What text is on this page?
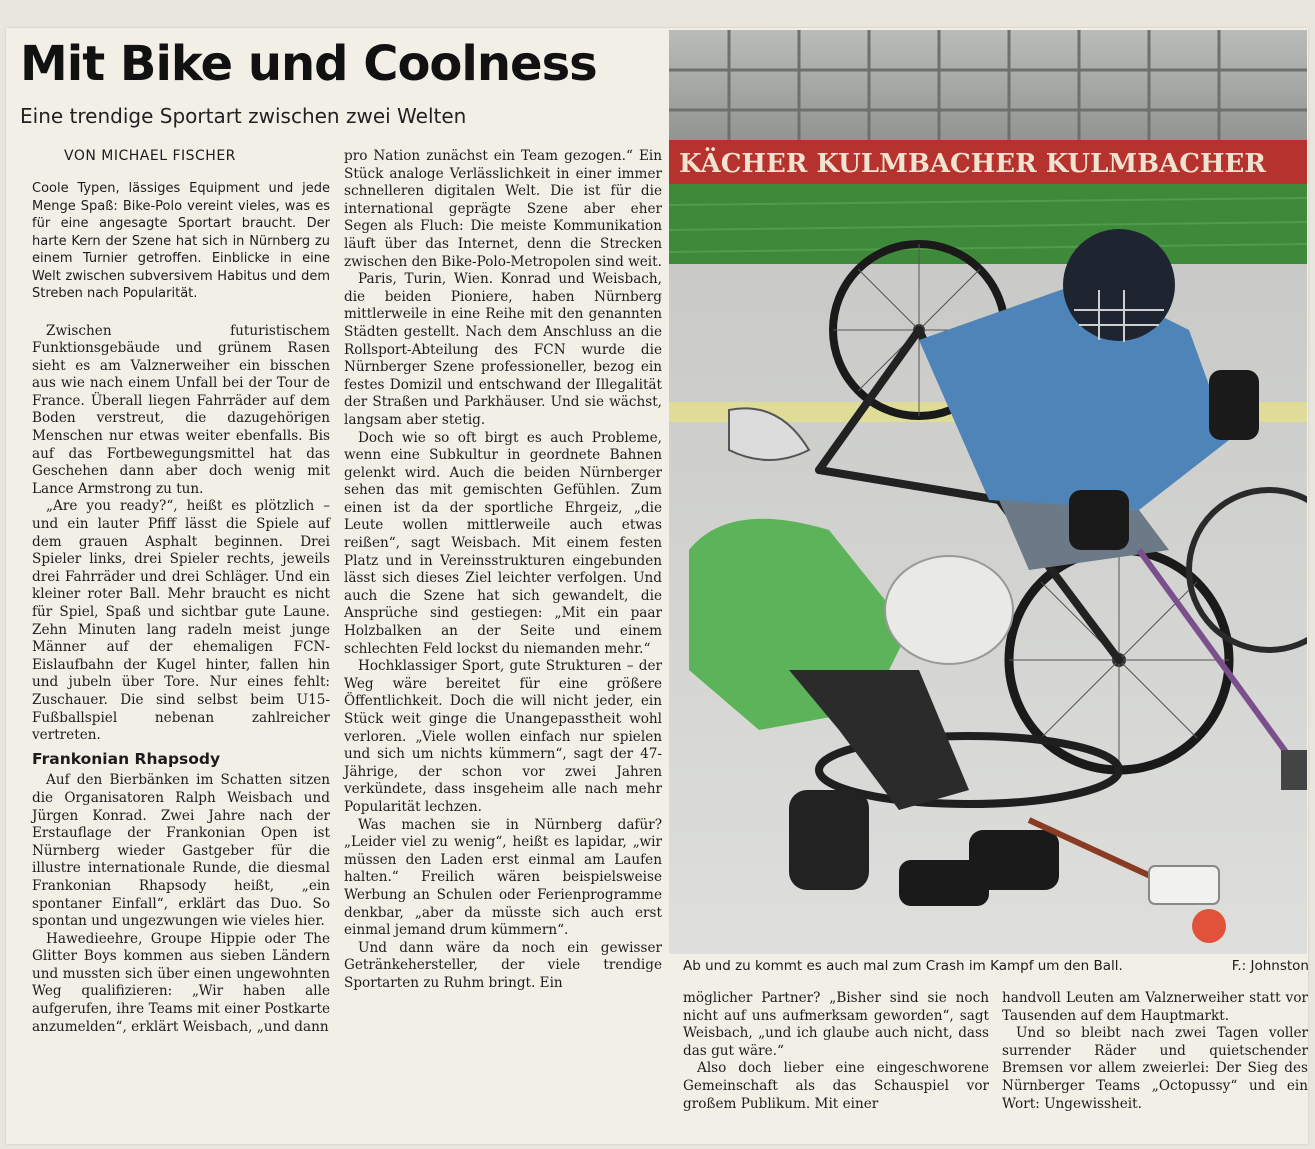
Mit Bike und Coolness
Eine trendige Sportart zwischen zwei Welten
VON MICHAEL FISCHER

Coole Typen, lässiges Equipment und jede Menge Spaß: Bike-Polo vereint vieles, was es für eine angesagte Sportart braucht. Der harte Kern der Szene hat sich in Nürnberg zu einem Turnier getroffen. Einblicke in eine Welt zwischen subversivem Habitus und dem Streben nach Popularität.

Zwischen futuristischem Funktionsgebäude und grünem Rasen sieht es am Valznerweiher ein bisschen aus wie nach einem Unfall bei der Tour de France. Überall liegen Fahrräder auf dem Boden verstreut, die dazugehörigen Menschen nur etwas weiter ebenfalls. Bis auf das Fortbewegungsmittel hat das Geschehen dann aber doch wenig mit Lance Armstrong zu tun.

„Are you ready?“, heißt es plötzlich – und ein lauter Pfiff lässt die Spiele auf dem grauen Asphalt beginnen. Drei Spieler links, drei Spieler rechts, jeweils drei Fahrräder und drei Schläger. Und ein kleiner roter Ball. Mehr braucht es nicht für Spiel, Spaß und sichtbar gute Laune. Zehn Minuten lang radeln meist junge Männer auf der ehemaligen FCN-Eislaufbahn der Kugel hinter, fallen hin und jubeln über Tore. Nur eines fehlt: Zuschauer. Die sind selbst beim U15-Fußballspiel nebenan zahlreicher vertreten.

Frankonian Rhapsody

Auf den Bierbänken im Schatten sitzen die Organisatoren Ralph Weisbach und Jürgen Konrad. Zwei Jahre nach der Erstauflage der Frankonian Open ist Nürnberg wieder Gastgeber für die illustre internationale Runde, die diesmal Frankonian Rhapsody heißt, „ein spontaner Einfall“, erklärt das Duo. So spontan und ungezwungen wie vieles hier.

Hawedieehre, Groupe Hippie oder The Glitter Boys kommen aus sieben Ländern und mussten sich über einen ungewohnten Weg qualifizieren: „Wir haben alle aufgerufen, ihre Teams mit einer Postkarte anzumelden“, erklärt Weisbach, „und dann

pro Nation zunächst ein Team gezogen.“ Ein Stück analoge Verlässlichkeit in einer immer schnelleren digitalen Welt. Die ist für die international geprägte Szene aber eher Segen als Fluch: Die meiste Kommunikation läuft über das Internet, denn die Strecken zwischen den Bike-Polo-Metropolen sind weit.

Paris, Turin, Wien. Konrad und Weisbach, die beiden Pioniere, haben Nürnberg mittlerweile in eine Reihe mit den genannten Städten gestellt. Nach dem Anschluss an die Rollsport-Abteilung des FCN wurde die Nürnberger Szene professioneller, bezog ein festes Domizil und entschwand der Illegalität der Straßen und Parkhäuser. Und sie wächst, langsam aber stetig.

Doch wie so oft birgt es auch Probleme, wenn eine Subkultur in geordnete Bahnen gelenkt wird. Auch die beiden Nürnberger sehen das mit gemischten Gefühlen. Zum einen ist da der sportliche Ehrgeiz, „die Leute wollen mittlerweile auch etwas reißen“, sagt Weisbach. Mit einem festen Platz und in Vereinsstrukturen eingebunden lässt sich dieses Ziel leichter verfolgen. Und auch die Szene hat sich gewandelt, die Ansprüche sind gestiegen: „Mit ein paar Holzbalken an der Seite und einem schlechten Feld lockst du niemanden mehr.“

Hochklassiger Sport, gute Strukturen – der Weg wäre bereitet für eine größere Öffentlichkeit. Doch die will nicht jeder, ein Stück weit ginge die Unangepasstheit wohl verloren. „Viele wollen einfach nur spielen und sich um nichts kümmern“, sagt der 47-Jährige, der schon vor zwei Jahren verkündete, dass insgeheim alle nach mehr Popularität lechzen.

Was machen sie in Nürnberg dafür? „Leider viel zu wenig“, heißt es lapidar, „wir müssen den Laden erst einmal am Laufen halten.“ Freilich wären beispielsweise Werbung an Schulen oder Ferienprogramme denkbar, „aber da müsste sich auch erst einmal jemand drum kümmern“.

Und dann wäre da noch ein gewisser Getränkehersteller, der viele trendige Sportarten zu Ruhm bringt. Ein

KÄCHER KULMBACHER KULMBACHER
Ab und zu kommt es auch mal zum Crash im Kampf um den Ball.	F.: Johnston

möglicher Partner? „Bisher sind sie noch nicht auf uns aufmerksam geworden“, sagt Weisbach, „und ich glaube auch nicht, dass das gut wäre.“

Also doch lieber eine eingeschworene Gemeinschaft als das Schauspiel vor großem Publikum. Mit einer

handvoll Leuten am Valznerweiher statt vor Tausenden auf dem Hauptmarkt.

Und so bleibt nach zwei Tagen voller surrender Räder und quietschender Bremsen vor allem zweierlei: Der Sieg des Nürnberger Teams „Octopussy“ und ein Wort: Ungewissheit.
